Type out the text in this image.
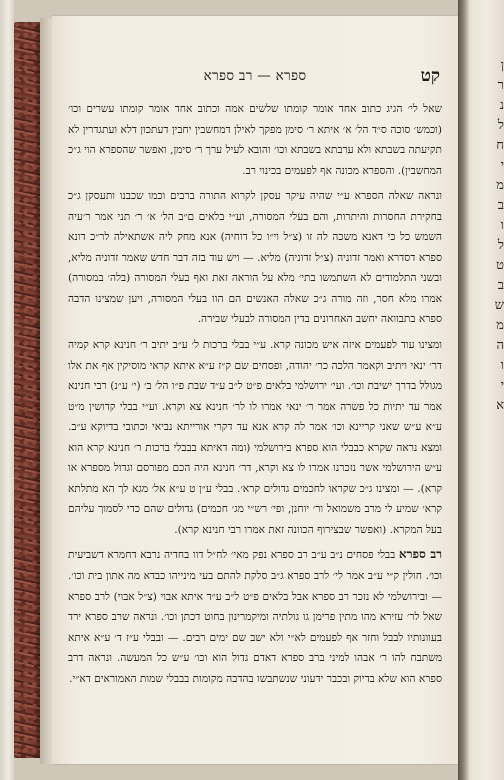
קט
ספרא — רב ספרא

שאל לי׳ הגיג כתוב אחד אומר קומתו שלשים אמה וכתוב אחד אומר קומתו עשרים וכו׳ (וכמש׳ סוכה ס״ד הל׳ א׳ איתא ר׳ סימן מפקך לאילן דמחשבין יחבין דעתכון דלא ועתגדרין לא תקיעתה בשבתא ולא ערבתא בשבתא וכו׳ והובא לעיל ערך ר׳ סימן, ואפשר שהספרא הוי ג״כ המחשבין). והספרא מכונה אף לפעמים בכינוי רב.

ונראה שאלה הספרא ע״י שהיה עיקר עסקן לקרוא התורה ברבים וכמו שכבנו ותעסקן ג״כ בחקירת החסרות והיתרות, והם בעלי המסורה, וע״י בלאים ם״ב הל׳ א׳ ר׳ תני אמר ר׳עיה השמש כל כי דאנא משכה לה זו (צ״ל וי״ו כל דוחיה) אנא מחק ליה אשתאילה לר״כ דונא ספרא דסדרא ואמר זדוניה (צ״ל זדוניה) מליא. — ויש עוד בזה דבר חדש שאמר זדוניה מליא, ובשני התלמודים לא השתמשו בתי׳ מלא על הוראה זאת ואף בעלי המסורה (בלה׳ במסורה) אמרו מלא חסר, וזה מורה ג״כ שאלה האנשים הם הוו בעלי המסורה, ויען שמצינו הדבה ספרא בתבוואה יחשב האחרונים בדין המסורה לבעלי שבירה.

ומצינו עוד לפעמים איזה איש מכונה קרא. ע״י בבלי ברכות ל׳ ע״ב יתיב ר׳ חנינא קרא קמיה דר׳ ינאי ויתיב וקאמר הלכה כר׳ יהודה, ופסחים שם ק״ז ע״א איתא קראי מוסיקין אף את אלו מגולל בדרך ישיבת וכו׳. ועי׳ ירושלמי בלאים פ״ט ל״ב ע״ד שבת פ״ו הל׳ ב׳ (י׳ ע״נ) רבי חנינא אמר עד יתיות כל פשרה אמר ר׳ ינאי אמרו לו לר׳ חנינא צא וקרא. וע״י בבלי קדושין מ״ט ע״א ע״ש שאני קריינא וכו׳ אמר לה קרא אנא עד דקרי אורייתא נביאי וכתובי בדיוקא ע״ב. ומצא נראה שקרא כבבלי הוא ספרא בירושלמי (ומה דאיתא בבבלי ברכות ר׳ חנינא קרא הוא ע״ש הירושלמי אשר נזכרנו אמרו לו צא וקרא, דר׳ חנינא היה הכם מפורסם וגדול מספרא או קרא). — ומצינו ג״כ שקראו לחכמים גדולים קרא׳. בבלי ע״ן ט ע״א אל׳ מגא לך הא מתלתא קרא׳ שמיע לי מרב משמואל ור׳ יוחנן, ופי׳ רש״י מג׳ חכמים) גדולים שהם כדי לסמוך עליהם בעל המקרא. (ואפשר שבצירוף הכוונה זאת אמרו רבי חנינא קרא).

רב ספרא בבלי פסחים נ״ב ע״ב רב ספרא נפק מאי׳ לח״ל דוו בחדיה נרבא דחמרא דשביעית וכו׳. חולין ק״י ע״ב אמר לי׳ לרב ספרא ג״ב סלקת להתם בעי מינייהו כבדא מה אתון בית וכו׳. — ובירושלמי לא נזכר רב ספרא אבל בלאים פ״ט ל״ב ע״ד איתא אבוי (צ״ל אבוי) לרב ספרא שאל לר׳ עזירא מהו מתין פרימן גו גולתיה ומיקמרינון בחוט דכתן וכו׳. ונראה שרב ספרא ירד בעוונותיו לבבל וחזר אף לפעמים לא״י ולא ישב שם ימים רבים. — ובבלי ע״ז ד׳ ע״א איתא משתבח להו ר׳ אבהו למיני ברב ספרא דאדם גדול הוא וכו׳ ע״ש כל המעשה. ונראה דרב ספרא הוא שלא בדיוק ובכבר ידעוני שנשתבשו בהדבה מקומות בבבלי שמות האמוראים דא״י.

ן
ר
נ
ל
ח
י
מ
ב
ו
ל
ט
ב
ש
מ
ה
ו
י
א
